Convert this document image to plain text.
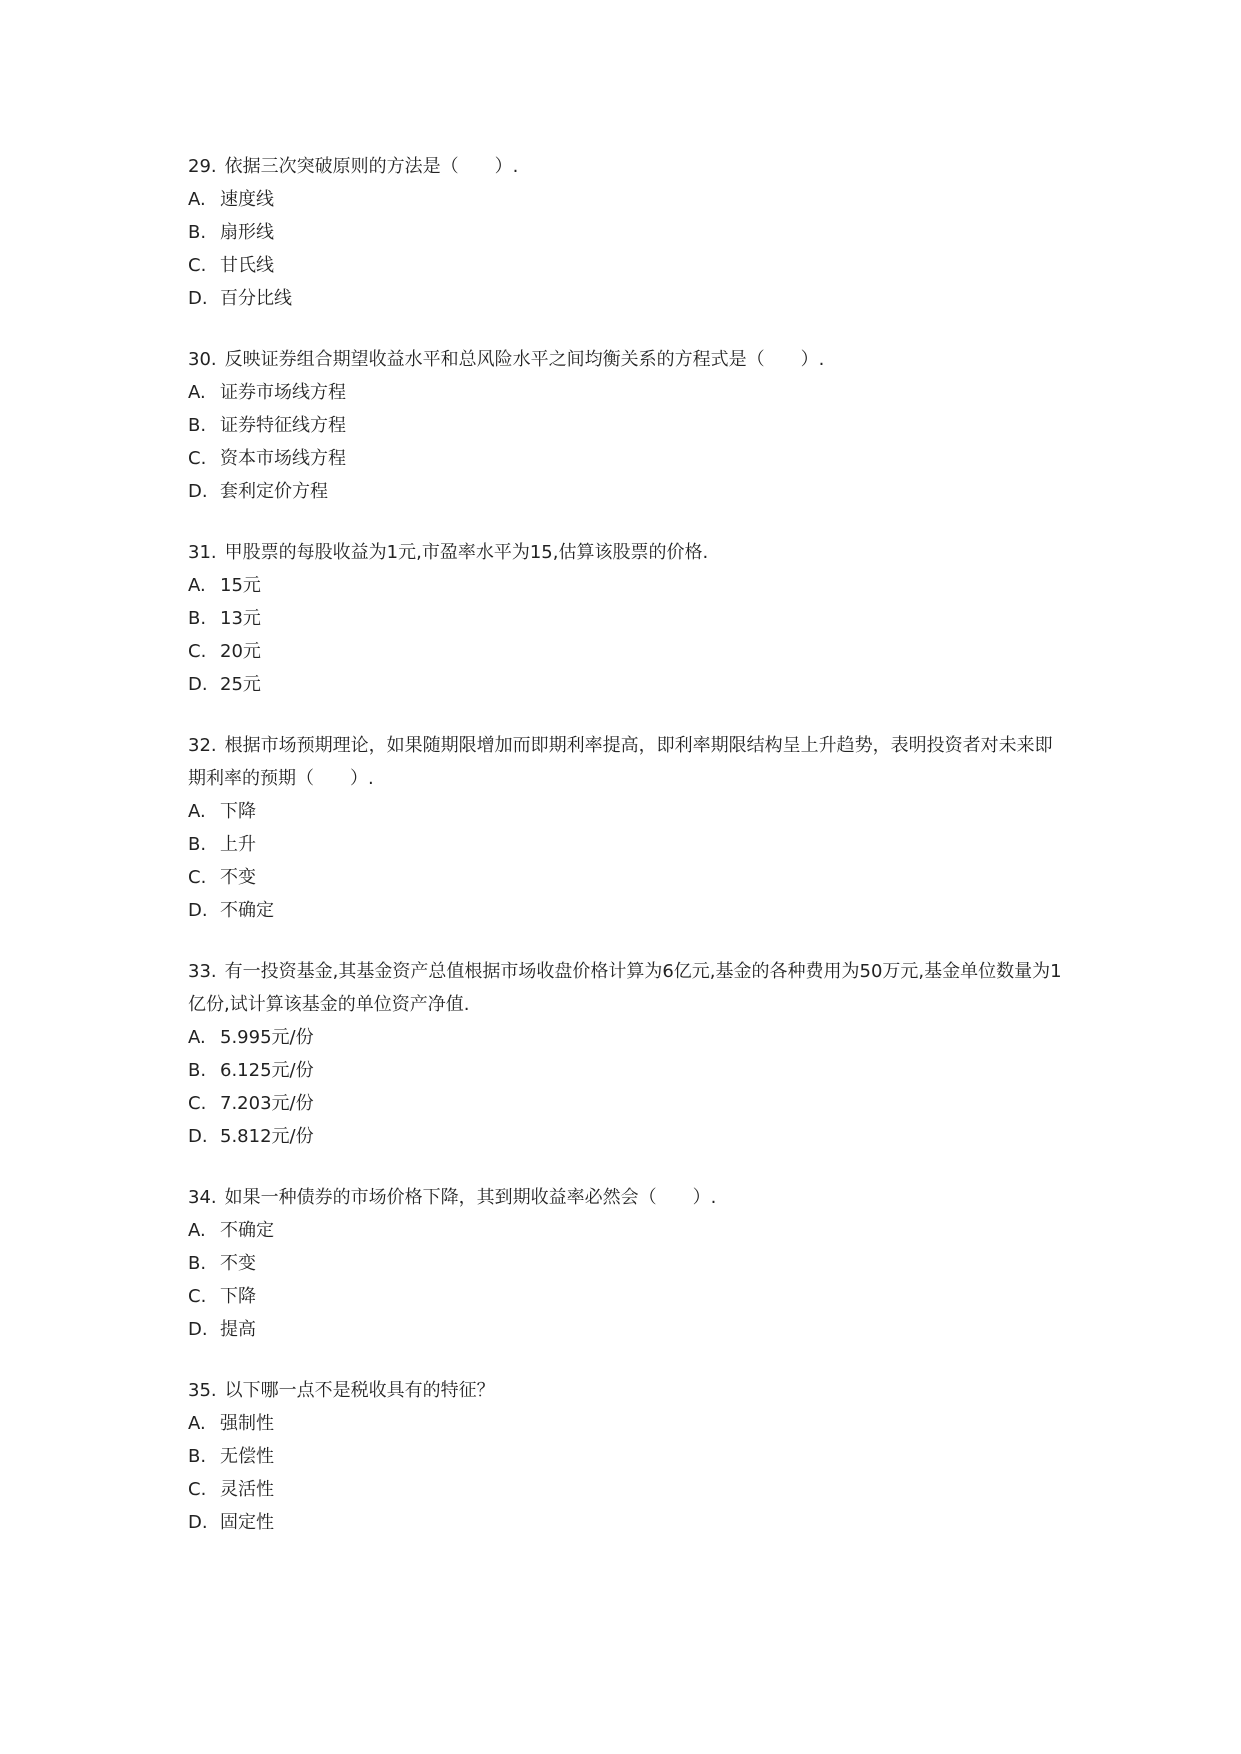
29. 依据三次突破原则的方法是（　　）.

A. 速度线

B. 扇形线

C. 甘氏线

D. 百分比线

30. 反映证券组合期望收益水平和总风险水平之间均衡关系的方程式是（　　）.

A. 证券市场线方程

B. 证券特征线方程

C. 资本市场线方程

D. 套利定价方程

31. 甲股票的每股收益为1元,市盈率水平为15,估算该股票的价格.

A. 15元

B. 13元

C. 20元

D. 25元

32. 根据市场预期理论，如果随期限增加而即期利率提高，即利率期限结构呈上升趋势，表明投资者对未来即期利率的预期（　　）.

A. 下降

B. 上升

C. 不变

D. 不确定

33. 有一投资基金,其基金资产总值根据市场收盘价格计算为6亿元,基金的各种费用为50万元,基金单位数量为1亿份,试计算该基金的单位资产净值.

A. 5.995元/份

B. 6.125元/份

C. 7.203元/份

D. 5.812元/份

34. 如果一种债券的市场价格下降，其到期收益率必然会（　　）.

A. 不确定

B. 不变

C. 下降

D. 提高

35. 以下哪一点不是税收具有的特征？

A. 强制性

B. 无偿性

C. 灵活性

D. 固定性
